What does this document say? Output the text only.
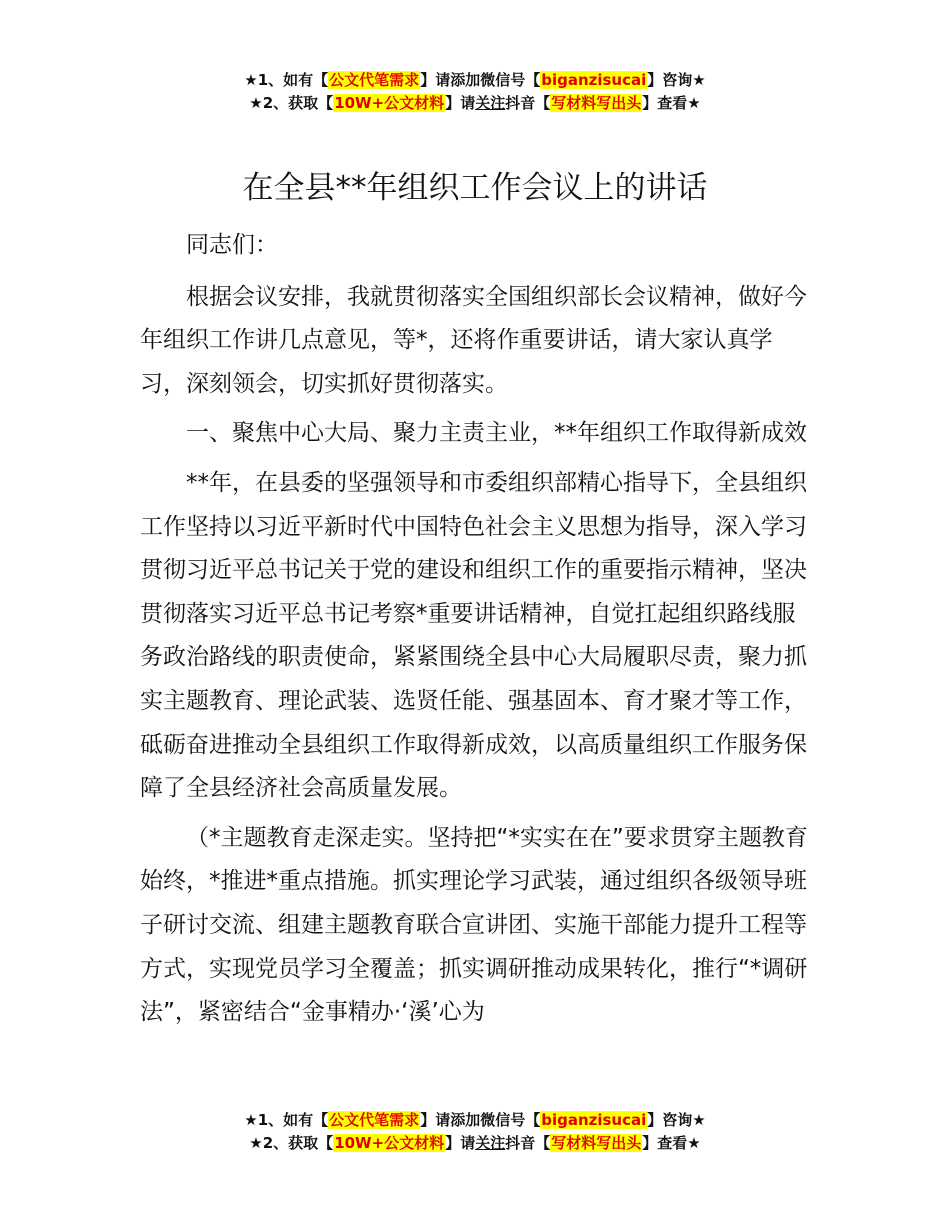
★1、如有【公文代笔需求】请添加微信号【biganzisucai】咨询★
★2、获取【10W+公文材料】请关注抖音【写材料写出头】查看★
在全县**年组织工作会议上的讲话

同志们：

根据会议安排，我就贯彻落实全国组织部长会议精神，做好今年组织工作讲几点意见，等*，还将作重要讲话，请大家认真学习，深刻领会，切实抓好贯彻落实。

一、聚焦中心大局、聚力主责主业，**年组织工作取得新成效

**年，在县委的坚强领导和市委组织部精心指导下，全县组织工作坚持以习近平新时代中国特色社会主义思想为指导，深入学习贯彻习近平总书记关于党的建设和组织工作的重要指示精神，坚决贯彻落实习近平总书记考察*重要讲话精神，自觉扛起组织路线服务政治路线的职责使命，紧紧围绕全县中心大局履职尽责，聚力抓实主题教育、理论武装、选贤任能、强基固本、育才聚才等工作，砥砺奋进推动全县组织工作取得新成效，以高质量组织工作服务保障了全县经济社会高质量发展。

（*主题教育走深走实。坚持把“*实实在在”要求贯穿主题教育始终，*推进*重点措施。抓实理论学习武装，通过组织各级领导班子研讨交流、组建主题教育联合宣讲团、实施干部能力提升工程等方式，实现党员学习全覆盖；抓实调研推动成果转化，推行“*调研法”，紧密结合“金事精办·‘溪’心为

★1、如有【公文代笔需求】请添加微信号【biganzisucai】咨询★
★2、获取【10W+公文材料】请关注抖音【写材料写出头】查看★
